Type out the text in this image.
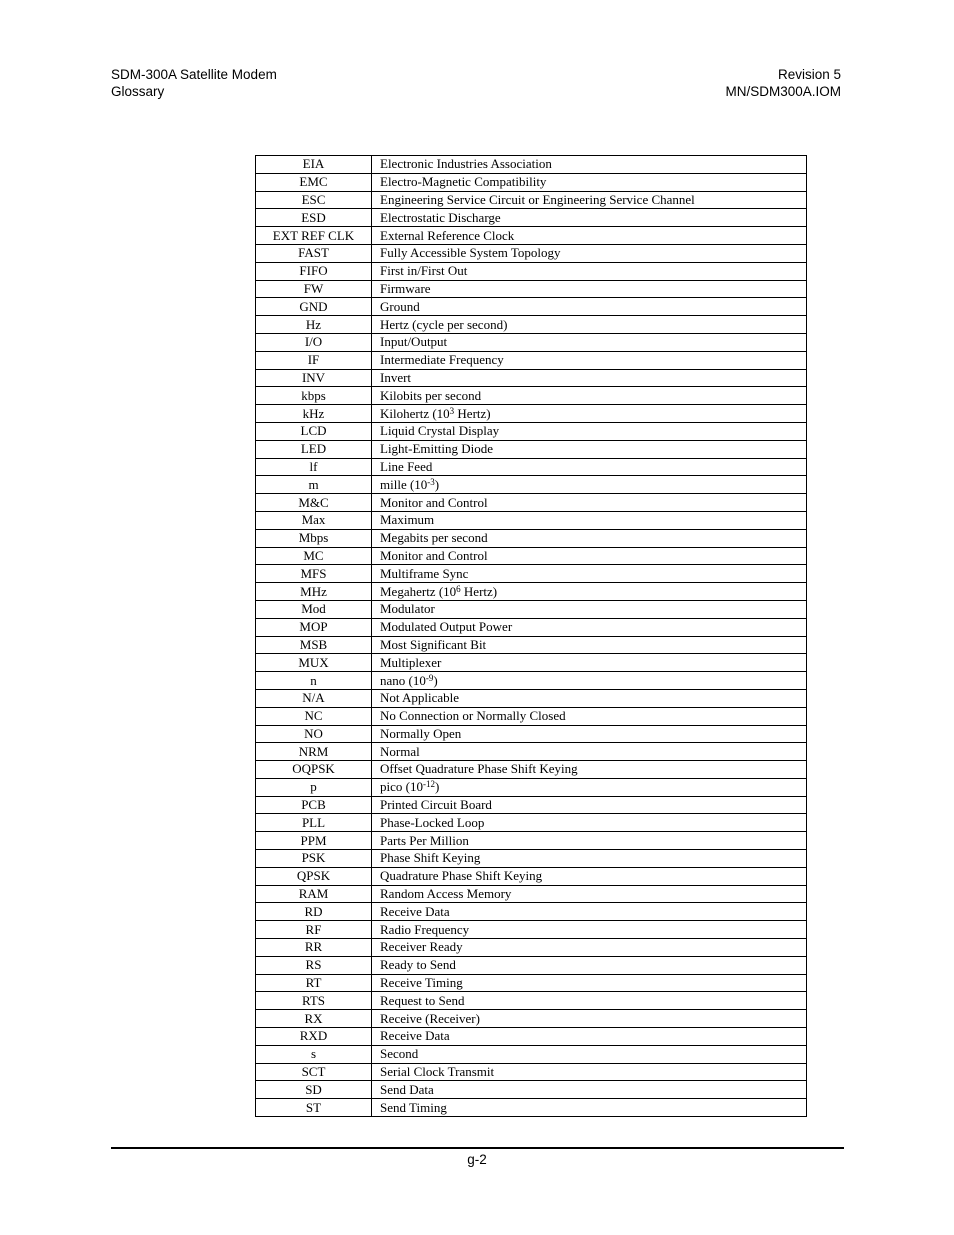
SDM-300A Satellite Modem
Glossary
Revision 5
MN/SDM300A.IOM
EIA	Electronic Industries Association
EMC	Electro-Magnetic Compatibility
ESC	Engineering Service Circuit or Engineering Service Channel
ESD	Electrostatic Discharge
EXT REF CLK	External Reference Clock
FAST	Fully Accessible System Topology
FIFO	First in/First Out
FW	Firmware
GND	Ground
Hz	Hertz (cycle per second)
I/O	Input/Output
IF	Intermediate Frequency
INV	Invert
kbps	Kilobits per second
kHz	Kilohertz ($10^3$ Hertz)
LCD	Liquid Crystal Display
LED	Light-Emitting Diode
lf	Line Feed
m	mille $(10^{-3})$
M&C	Monitor and Control
Max	Maximum
Mbps	Megabits per second
MC	Monitor and Control
MFS	Multiframe Sync
MHz	Megahertz ($10^6$ Hertz)
Mod	Modulator
MOP	Modulated Output Power
MSB	Most Significant Bit
MUX	Multiplexer
n	nano $(10^{-9})$
N/A	Not Applicable
NC	No Connection or Normally Closed
NO	Normally Open
NRM	Normal
OQPSK	Offset Quadrature Phase Shift Keying
p	pico $(10^{-12})$
PCB	Printed Circuit Board
PLL	Phase-Locked Loop
PPM	Parts Per Million
PSK	Phase Shift Keying
QPSK	Quadrature Phase Shift Keying
RAM	Random Access Memory
RD	Receive Data
RF	Radio Frequency
RR	Receiver Ready
RS	Ready to Send
RT	Receive Timing
RTS	Request to Send
RX	Receive (Receiver)
RXD	Receive Data
s	Second
SCT	Serial Clock Transmit
SD	Send Data
ST	Send Timing
g-2
